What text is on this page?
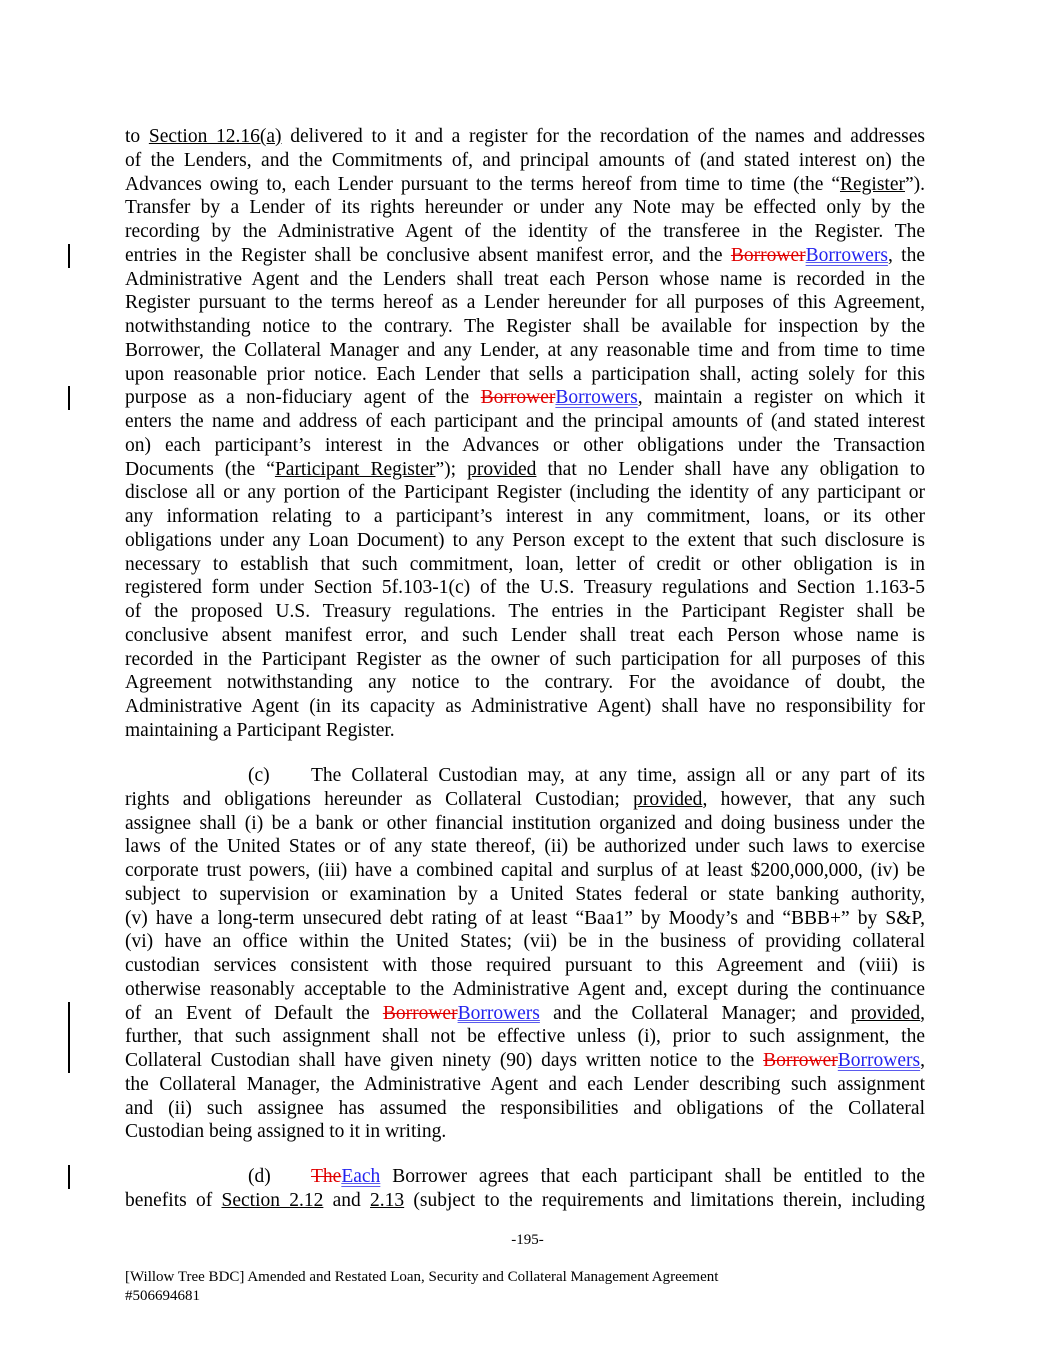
to Section 12.16(a) delivered to it and a register for the recordation of the names and addresses
of the Lenders, and the Commitments of, and principal amounts of (and stated interest on) the
Advances owing to, each Lender pursuant to the terms hereof from time to time (the “Register”).
Transfer by a Lender of its rights hereunder or under any Note may be effected only by the
recording by the Administrative Agent of the identity of the transferee in the Register. The
entries in the Register shall be conclusive absent manifest error, and the BorrowerBorrowers, the
Administrative Agent and the Lenders shall treat each Person whose name is recorded in the
Register pursuant to the terms hereof as a Lender hereunder for all purposes of this Agreement,
notwithstanding notice to the contrary. The Register shall be available for inspection by the
Borrower, the Collateral Manager and any Lender, at any reasonable time and from time to time
upon reasonable prior notice. Each Lender that sells a participation shall, acting solely for this
purpose as a non-fiduciary agent of the BorrowerBorrowers, maintain a register on which it
enters the name and address of each participant and the principal amounts of (and stated interest
on) each participant’s interest in the Advances or other obligations under the Transaction
Documents (the “Participant Register”); provided that no Lender shall have any obligation to
disclose all or any portion of the Participant Register (including the identity of any participant or
any information relating to a participant’s interest in any commitment, loans, or its other
obligations under any Loan Document) to any Person except to the extent that such disclosure is
necessary to establish that such commitment, loan, letter of credit or other obligation is in
registered form under Section 5f.103-1(c) of the U.S. Treasury regulations and Section 1.163-5
of the proposed U.S. Treasury regulations. The entries in the Participant Register shall be
conclusive absent manifest error, and such Lender shall treat each Person whose name is
recorded in the Participant Register as the owner of such participation for all purposes of this
Agreement notwithstanding any notice to the contrary. For the avoidance of doubt, the
Administrative Agent (in its capacity as Administrative Agent) shall have no responsibility for
maintaining a Participant Register.
(c) The Collateral Custodian may, at any time, assign all or any part of its
rights and obligations hereunder as Collateral Custodian; provided, however, that any such
assignee shall (i) be a bank or other financial institution organized and doing business under the
laws of the United States or of any state thereof, (ii) be authorized under such laws to exercise
corporate trust powers, (iii) have a combined capital and surplus of at least $200,000,000, (iv) be
subject to supervision or examination by a United States federal or state banking authority,
(v) have a long-term unsecured debt rating of at least “Baa1” by Moody’s and “BBB+” by S&P,
(vi) have an office within the United States; (vii) be in the business of providing collateral
custodian services consistent with those required pursuant to this Agreement and (viii) is
otherwise reasonably acceptable to the Administrative Agent and, except during the continuance
of an Event of Default the BorrowerBorrowers and the Collateral Manager; and provided,
further, that such assignment shall not be effective unless (i), prior to such assignment, the
Collateral Custodian shall have given ninety (90) days written notice to the BorrowerBorrowers,
the Collateral Manager, the Administrative Agent and each Lender describing such assignment
and (ii) such assignee has assumed the responsibilities and obligations of the Collateral
Custodian being assigned to it in writing.
(d) TheEach Borrower agrees that each participant shall be entitled to the
benefits of Section 2.12 and 2.13 (subject to the requirements and limitations therein, including
-195-
[Willow Tree BDC] Amended and Restated Loan, Security and Collateral Management Agreement
#506694681
